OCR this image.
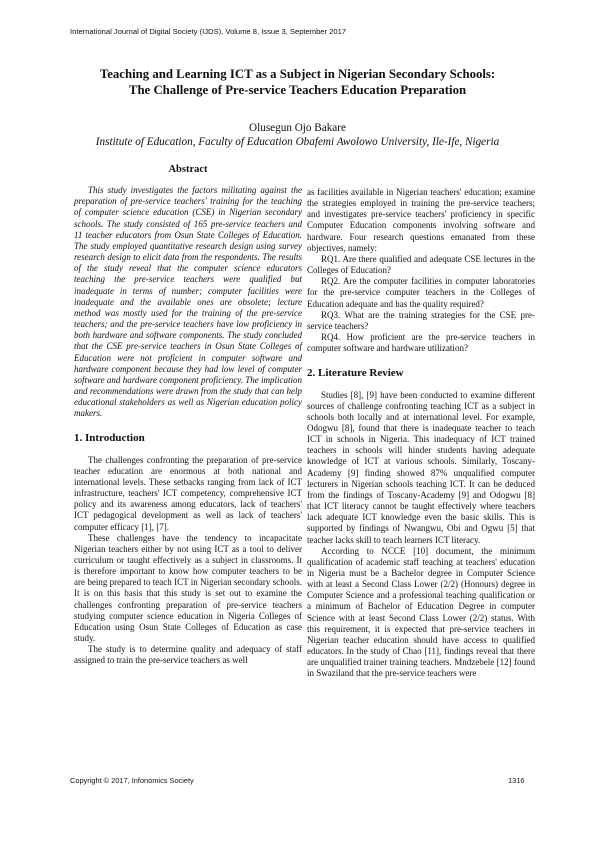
International Journal of Digital Society (IJDS), Volume 8, Issue 3, September 2017
Teaching and Learning ICT as a Subject in Nigerian Secondary Schools:
The Challenge of Pre-service Teachers Education Preparation
Olusegun Ojo Bakare
Institute of Education, Faculty of Education Obafemi Awolowo University, Ile-Ife, Nigeria
Abstract

This study investigates the factors militating against the preparation of pre-service teachers' training for the teaching of computer science education (CSE) in Nigerian secondary schools. The study consisted of 165 pre-service teachers and 11 teacher educators from Osun State Colleges of Education. The study employed quantitative research design using survey research design to elicit data from the respondents. The results of the study reveal that the computer science educators teaching the pre-service teachers were qualified but inadequate in terms of number; computer facilities were inadequate and the available ones are obsolete; lecture method was mostly used for the training of the pre-service teachers; and the pre-service teachers have low proficiency in both hardware and software components. The study concluded that the CSE pre-service teachers in Osun State Colleges of Education were not proficient in computer software and hardware component because they had low level of computer software and hardware component proficiency. The implication and recommendations were drawn from the study that can help educational stakeholders as well as Nigerian education policy makers.

1. Introduction

The challenges confronting the preparation of pre-service teacher education are enormous at both national and international levels. These setbacks ranging from lack of ICT infrastructure, teachers' ICT competency, comprehensive ICT policy and its awareness among educators, lack of teachers' ICT pedagogical development as well as lack of teachers' computer efficacy [1], [7].

These challenges have the tendency to incapacitate Nigerian teachers either by not using ICT as a tool to deliver curriculum or taught effectively as a subject in classrooms. It is therefore important to know how computer teachers to be are being prepared to teach ICT in Nigerian secondary schools. It is on this basis that this study is set out to examine the challenges confronting preparation of pre-service teachers studying computer science education in Nigeria Colleges of Education using Osun State Colleges of Education as case study.

The study is to determine quality and adequacy of staff assigned to train the pre-service teachers as well

as facilities available in Nigerian teachers' education; examine the strategies employed in training the pre-service teachers; and investigates pre-service teachers' proficiency in specific Computer Education components involving software and hardware. Four research questions emanated from these objectives, namely:

RQ1. Are there qualified and adequate CSE lectures in the Colleges of Education?

RQ2. Are the computer facilities in computer laboratories for the pre-service computer teachers in the Colleges of Education adequate and has the quality required?

RQ3. What are the training strategies for the CSE pre-service teachers?

RQ4. How proficient are the pre-service teachers in computer software and hardware utilization?

2. Literature Review

Studies [8], [9] have been conducted to examine different sources of challenge confronting teaching ICT as a subject in schools both locally and at international level. For example, Odogwu [8], found that there is inadequate teacher to teach ICT in schools in Nigeria. This inadequacy of ICT trained teachers in schools will hinder students having adequate knowledge of ICT at various schools. Similarly, Toscany-Academy [9] finding showed 87% unqualified computer lecturers in Nigerian schools teaching ICT. It can be deduced from the findings of Toscany-Academy [9] and Odogwu [8] that ICT literacy cannot be taught effectively where teachers lack adequate ICT knowledge even the basic skills. This is supported by findings of Nwangwu, Obi and Ogwu [5] that teacher lacks skill to teach learners ICT literacy.

According to NCCE [10] document, the minimum qualification of academic staff teaching at teachers' education in Nigeria must be a Bachelor degree in Computer Science with at least a Second Class Lower (2/2) (Honours) degree in Computer Science and a professional teaching qualification or a minimum of Bachelor of Education Degree in computer Science with at least Second Class Lower (2/2) status. With this requirement, it is expected that pre-service teachers in Nigerian teacher education should have access to qualified educators. In the study of Chao [11], findings reveal that there are unqualified trainer training teachers. Mndzebele [12] found in Swaziland that the pre-service teachers were

Copyright © 2017, Infonomics Society	1316
